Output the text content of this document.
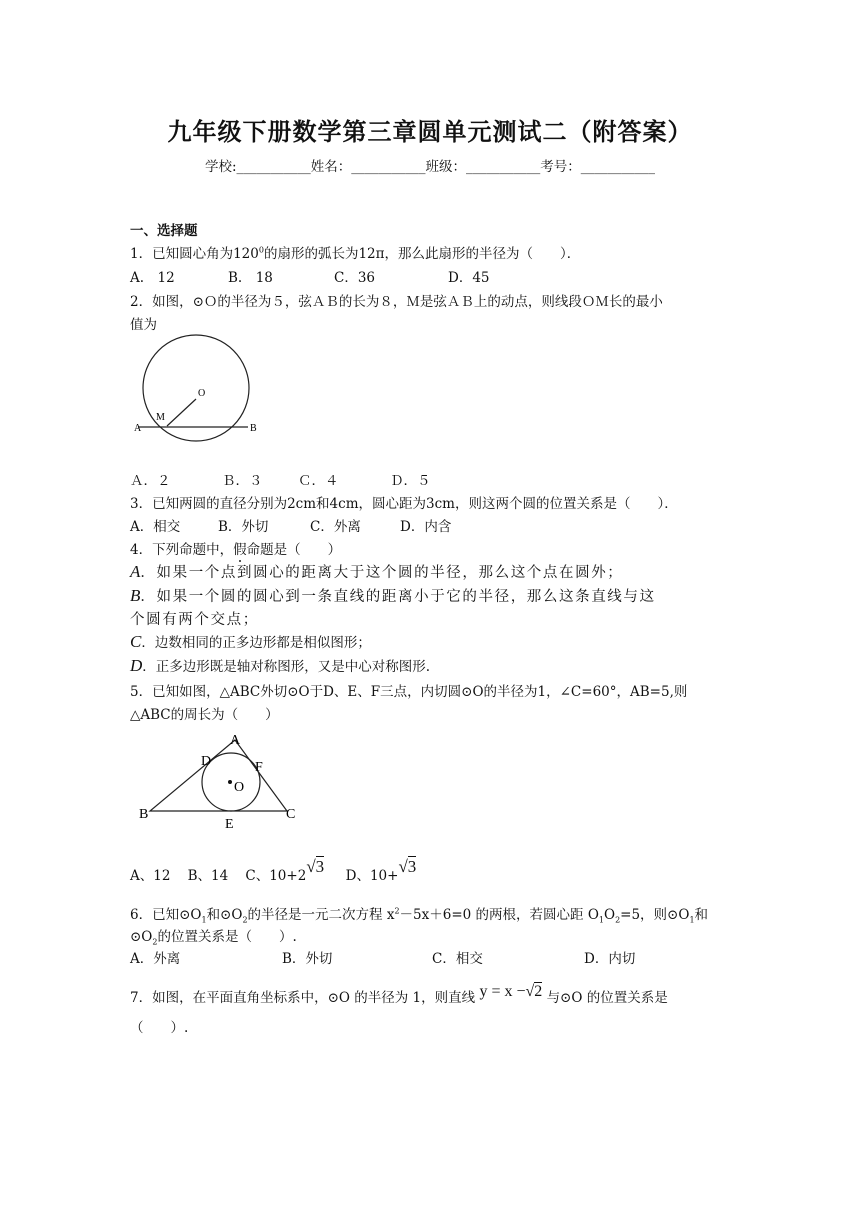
九年级下册数学第三章圆单元测试二（附答案）
学校:___________姓名：___________班级：___________考号：___________
一、选择题
1．已知圆心角为$120^0$的扇形的弧长为12π，那么此扇形的半径为（　　）．
A.　12	B.　18	C．36	D．45
2．如图，⊙Ｏ的半径为５，弦ＡＢ的长为８，Ｍ是弦ＡＢ上的动点，则线段ＯＭ长的最小
值为
O
M
A	B
Ａ．２	Ｂ．３	Ｃ．４	Ｄ．５
3．已知两圆的直径分别为2cm和4cm，圆心距为3cm，则这两个圆的位置关系是（　　）．
A．相交	B．外切	C．外离	D．内含
4．下列命题中，假命题是（　　）
A．如果一个点到圆心的距离大于这个圆的半径，那么这个点在圆外；
B．如果一个圆的圆心到一条直线的距离小于它的半径，那么这条直线与这
个圆有两个交点；
C．边数相同的正多边形都是相似图形；
D．正多边形既是轴对称图形，又是中心对称图形.
5．已知如图，△ABC外切⊙O于D、E、F三点，内切圆⊙O的半径为1，∠C=60°，AB=5,则
△ABC的周长为（　　）
A
B	C
D
E
F
O
A、12 B、14 C、10+2√3 D、10+√3
6．已知$⊙O_1$和$⊙O_2$的半径是一元二次方程 $x^2-5x+6=0$ 的两根，若圆心距 $O_1O_2=5$，则$⊙O_1$和
$⊙O_2$的位置关系是（　　）.
A．外离	B．外切	C．相交	D．内切
7．如图，在平面直角坐标系中，⊙O 的半径为 1，则直线 y = x −√2 与⊙O 的位置关系是
（　　）.
